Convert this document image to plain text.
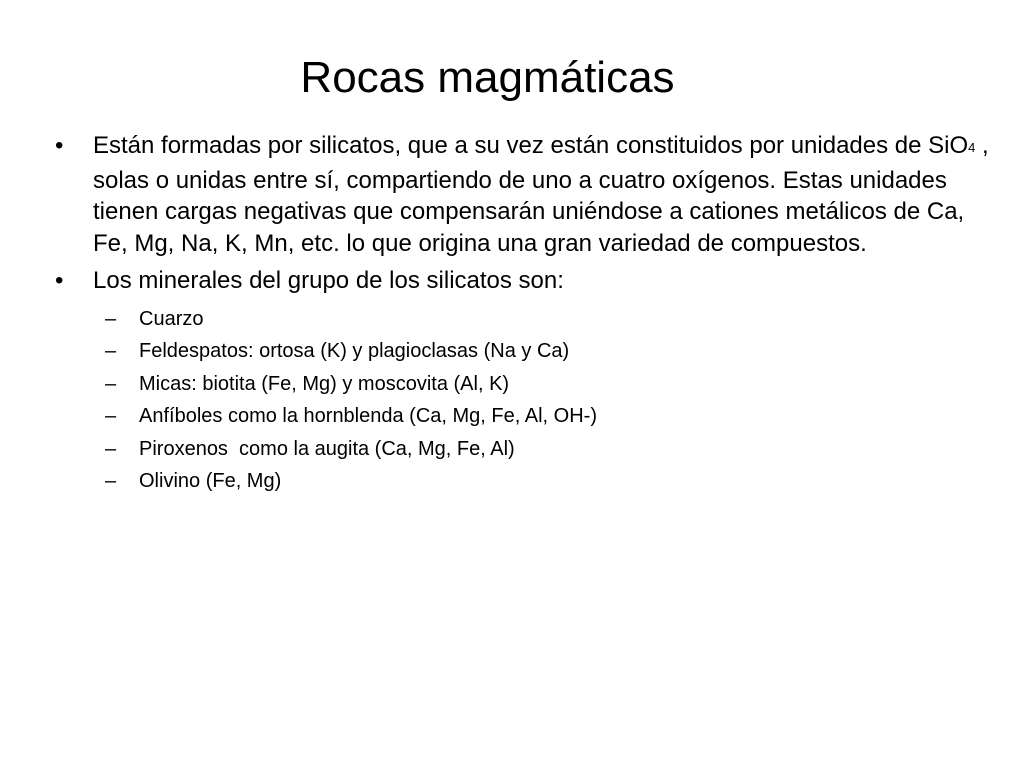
Rocas magmáticas
• Están formadas por silicatos, que a su vez están constituidos por unidades de SiO4 , solas o unidas entre sí, compartiendo de uno a cuatro oxígenos. Estas unidades tienen cargas negativas que compensarán uniéndose a cationes metálicos de Ca, Fe, Mg, Na, K, Mn, etc. lo que origina una gran variedad de compuestos.
• Los minerales del grupo de los silicatos son:
– Cuarzo
– Feldespatos: ortosa (K) y plagioclasas (Na y Ca)
– Micas: biotita (Fe, Mg) y moscovita (Al, K)
– Anfíboles como la hornblenda (Ca, Mg, Fe, Al, OH-)
– Piroxenos  como la augita (Ca, Mg, Fe, Al)
– Olivino (Fe, Mg)
